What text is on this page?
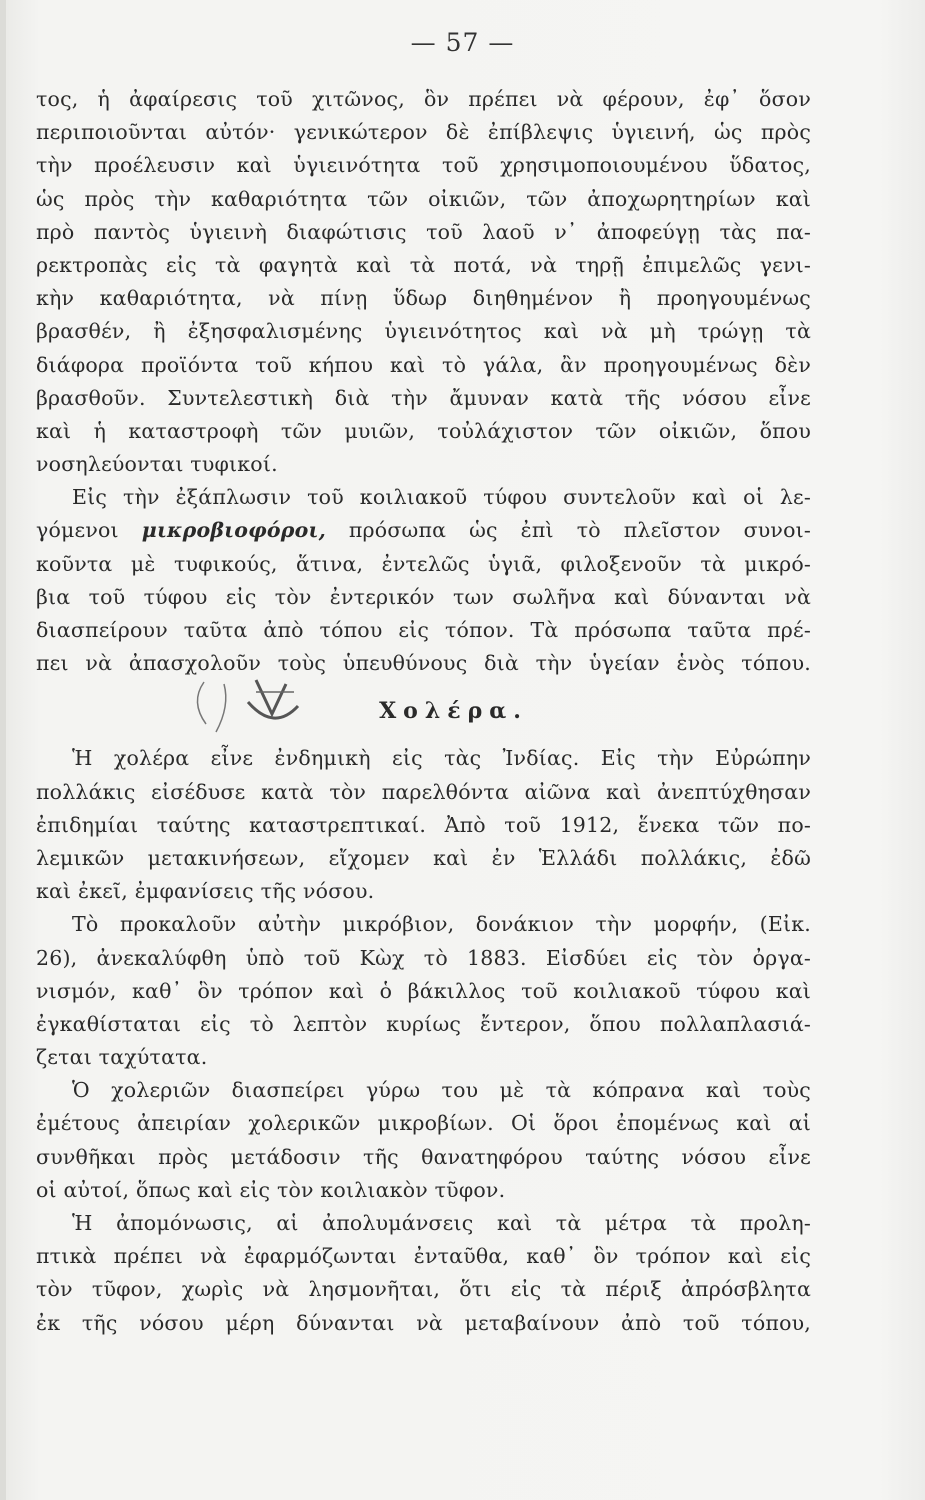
— 57 —
τος, ἡ ἀφαίρεσις τοῦ χιτῶνος, ὃν πρέπει νὰ φέρουν, ἐφ᾽ ὅσον
περιποιοῦνται αὐτόν· γενικώτερον δὲ ἐπίβλεψις ὑγιεινή, ὡς πρὸς
τὴν προέλευσιν καὶ ὑγιεινότητα τοῦ χρησιμοποιουμένου ὕδατος,
ὡς πρὸς τὴν καθαριότητα τῶν οἰκιῶν, τῶν ἀποχωρητηρίων καὶ
πρὸ παντὸς ὑγιεινὴ διαφώτισις τοῦ λαοῦ ν᾽ ἀποφεύγῃ τὰς πα-
ρεκτροπὰς εἰς τὰ φαγητὰ καὶ τὰ ποτά, νὰ τηρῇ ἐπιμελῶς γενι-
κὴν καθαριότητα, νὰ πίνῃ ὕδωρ διηθημένον ἢ προηγουμένως
βρασθέν, ἢ ἐξησφαλισμένης ὑγιεινότητος καὶ νὰ μὴ τρώγῃ τὰ
διάφορα προϊόντα τοῦ κήπου καὶ τὸ γάλα, ἂν προηγουμένως δὲν
βρασθοῦν. Συντελεστικὴ διὰ τὴν ἄμυναν κατὰ τῆς νόσου εἶνε
καὶ ἡ καταστροφὴ τῶν μυιῶν, τοὐλάχιστον τῶν οἰκιῶν, ὅπου
νοσηλεύονται τυφικοί.
Εἰς τὴν ἐξάπλωσιν τοῦ κοιλιακοῦ τύφου συντελοῦν καὶ οἱ λε-
γόμενοι μικροβιοφόροι, πρόσωπα ὡς ἐπὶ τὸ πλεῖστον συνοι-
κοῦντα μὲ τυφικούς, ἅτινα, ἐντελῶς ὑγιᾶ, φιλοξενοῦν τὰ μικρό-
βια τοῦ τύφου εἰς τὸν ἐντερικόν των σωλῆνα καὶ δύνανται νὰ
διασπείρουν ταῦτα ἀπὸ τόπου εἰς τόπον. Τὰ πρόσωπα ταῦτα πρέ-
πει νὰ ἀπασχολοῦν τοὺς ὑπευθύνους διὰ τὴν ὑγείαν ἑνὸς τόπου.
Χολέρα.
Ἡ χολέρα εἶνε ἐνδημικὴ εἰς τὰς Ἰνδίας. Εἰς τὴν Εὐρώπην
πολλάκις εἰσέδυσε κατὰ τὸν παρελθόντα αἰῶνα καὶ ἀνεπτύχθησαν
ἐπιδημίαι ταύτης καταστρεπτικαί. Ἀπὸ τοῦ 1912, ἕνεκα τῶν πο-
λεμικῶν μετακινήσεων, εἴχομεν καὶ ἐν Ἑλλάδι πολλάκις, ἐδῶ
καὶ ἐκεῖ, ἐμφανίσεις τῆς νόσου.
Τὸ προκαλοῦν αὐτὴν μικρόβιον, δονάκιον τὴν μορφήν, (Εἰκ.
26), ἀνεκαλύφθη ὑπὸ τοῦ Κὼχ τὸ 1883. Εἰσδύει εἰς τὸν ὀργα-
νισμόν, καθ᾽ ὃν τρόπον καὶ ὁ βάκιλλος τοῦ κοιλιακοῦ τύφου καὶ
ἐγκαθίσταται εἰς τὸ λεπτὸν κυρίως ἔντερον, ὅπου πολλαπλασιά-
ζεται ταχύτατα.
Ὁ χολεριῶν διασπείρει γύρω του μὲ τὰ κόπρανα καὶ τοὺς
ἐμέτους ἀπειρίαν χολερικῶν μικροβίων. Οἱ ὅροι ἐπομένως καὶ αἱ
συνθῆκαι πρὸς μετάδοσιν τῆς θανατηφόρου ταύτης νόσου εἶνε
οἱ αὐτοί, ὅπως καὶ εἰς τὸν κοιλιακὸν τῦφον.
Ἡ ἀπομόνωσις, αἱ ἀπολυμάνσεις καὶ τὰ μέτρα τὰ προλη-
πτικὰ πρέπει νὰ ἐφαρμόζωνται ἐνταῦθα, καθ᾽ ὃν τρόπον καὶ εἰς
τὸν τῦφον, χωρὶς νὰ λησμονῆται, ὅτι εἰς τὰ πέριξ ἀπρόσβλητα
ἐκ τῆς νόσου μέρη δύνανται νὰ μεταβαίνουν ἀπὸ τοῦ τόπου,
